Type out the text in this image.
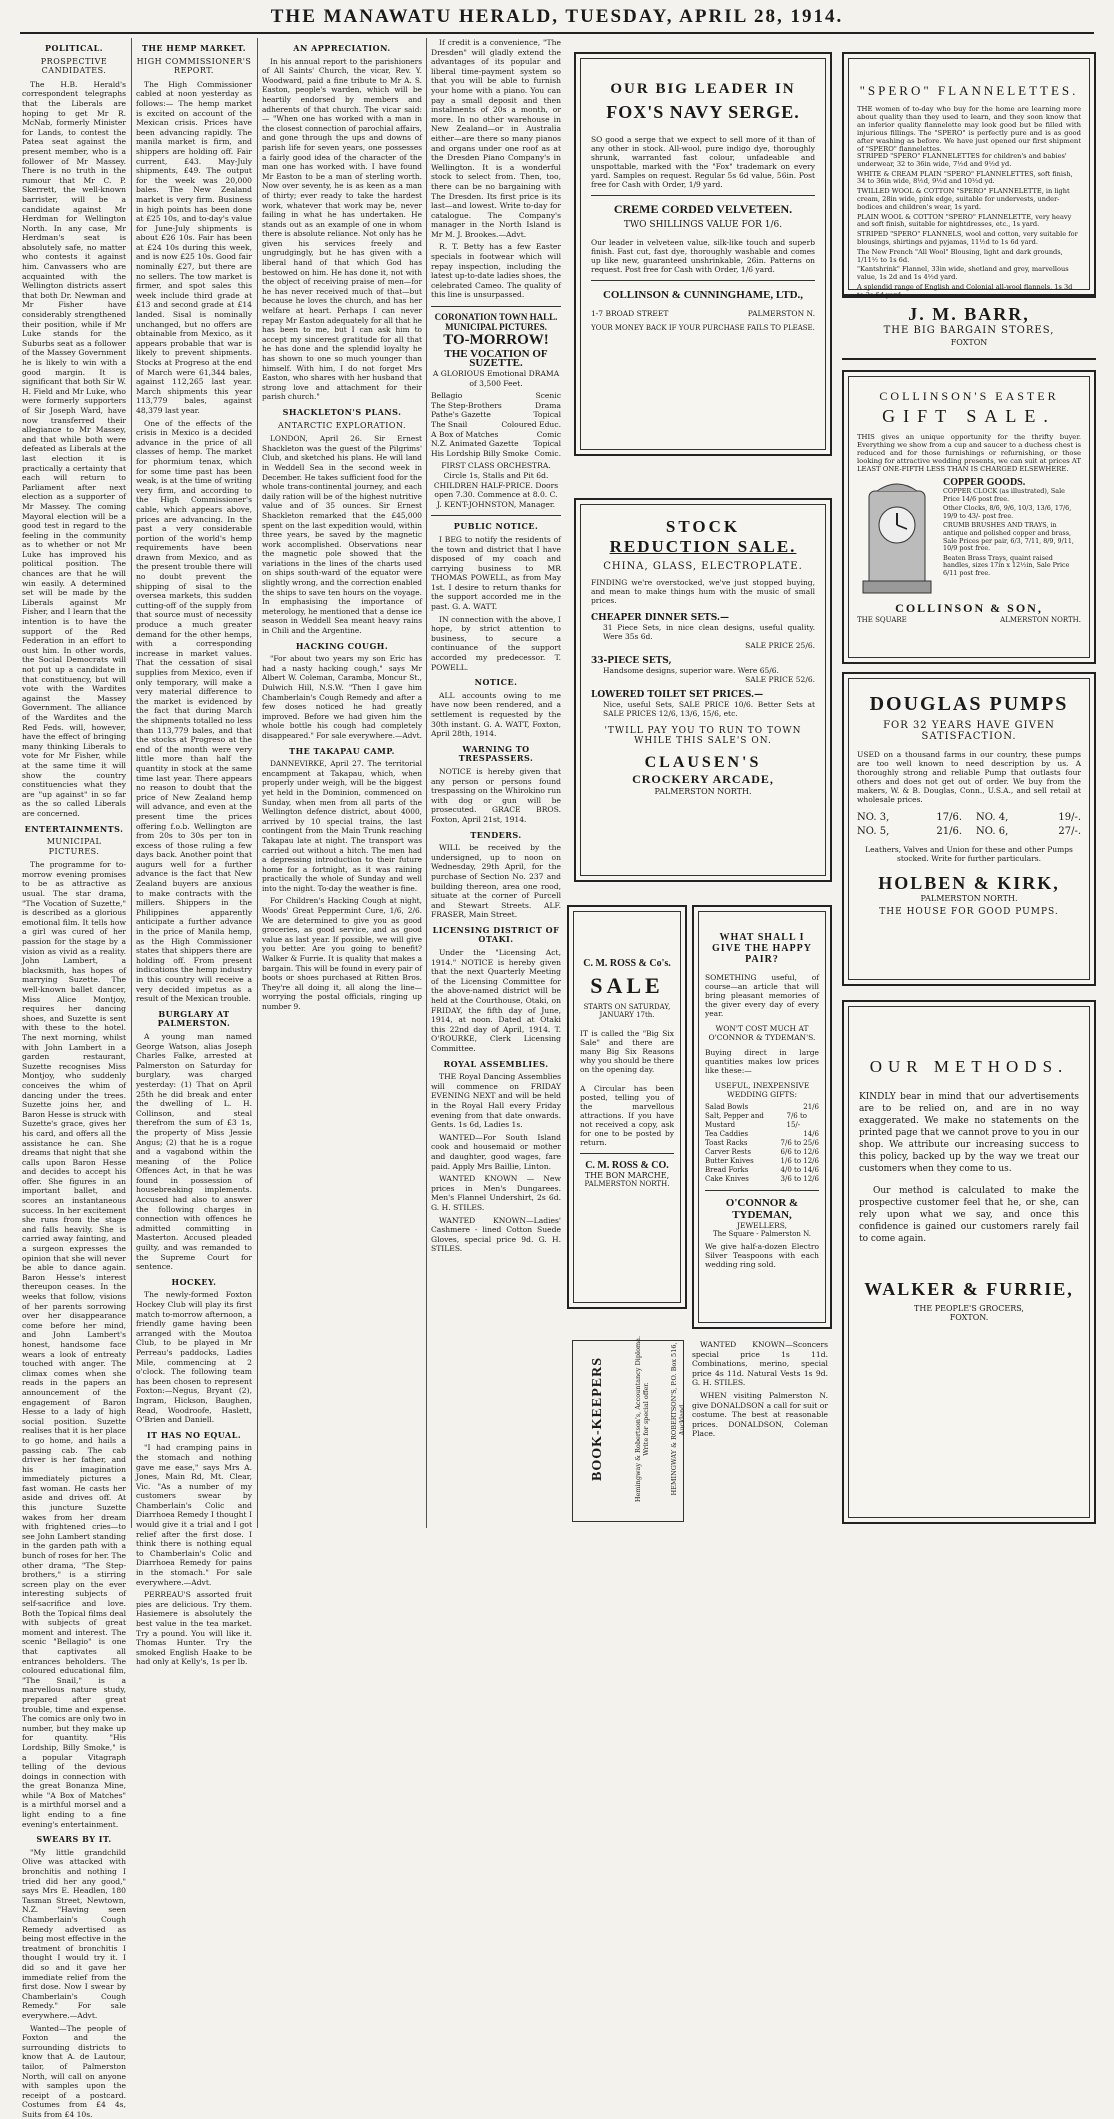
THE MANAWATU HERALD, TUESDAY, APRIL 28, 1914.
POLITICAL.
PROSPECTIVE CANDIDATES.

The H.B. Herald's correspondent telegraphs that the Liberals are hoping to get Mr R. McNab, formerly Minister for Lands, to contest the Patea seat against the present member, who is a follower of Mr Massey. There is no truth in the rumour that Mr C. P. Skerrett, the well-known barrister, will be a candidate against Mr Herdman for Wellington North. In any case, Mr Herdman's seat is absolutely safe, no matter who contests it against him. Canvassers who are acquainted with the Wellington districts assert that both Dr. Newman and Mr Fisher have considerably strengthened their position, while if Mr Luke stands for the Suburbs seat as a follower of the Massey Government he is likely to win with a good margin. It is significant that both Sir W. H. Field and Mr Luke, who were formerly supporters of Sir Joseph Ward, have now transferred their allegiance to Mr Massey, and that while both were defeated as Liberals at the last election it is practically a certainty that each will return to Parliament after next election as a supporter of Mr Massey. The coming Mayoral election will be a good test in regard to the feeling in the community as to whether or not Mr Luke has improved his political position. The chances are that he will win easily. A determined set will be made by the Liberals against Mr Fisher, and I learn that the intention is to have the support of the Red Federation in an effort to oust him. In other words, the Social Democrats will not put up a candidate in that constituency, but will vote with the Wardites against the Massey Government. The alliance of the Wardites and the Red Feds. will, however, have the effect of bringing many thinking Liberals to vote for Mr Fisher, while at the same time it will show the country constituencies what they are "up against" in so far as the so called Liberals are concerned.

ENTERTAINMENTS.
MUNICIPAL PICTURES.

The programme for to-morrow evening promises to be as attractive as usual. The star drama, "The Vocation of Suzette," is described as a glorious emotional film. It tells how a girl was cured of her passion for the stage by a vision as vivid as a reality. John Lambert, a blacksmith, has hopes of marrying Suzette. The well-known ballet dancer, Miss Alice Montjoy, requires her dancing shoes, and Suzette is sent with these to the hotel. The next morning, whilst with John Lambert in a garden restaurant, Suzette recognises Miss Montjoy, who suddenly conceives the whim of dancing under the trees. Suzette joins her, and Baron Hesse is struck with Suzette's grace, gives her his card, and offers all the assistance he can. She dreams that night that she calls upon Baron Hesse and decides to accept his offer. She figures in an important ballet, and scores an instantaneous success. In her excitement she runs from the stage and falls heavily. She is carried away fainting, and a surgeon expresses the opinion that she will never be able to dance again. Baron Hesse's interest thereupon ceases. In the weeks that follow, visions of her parents sorrowing over her disappearance come before her mind, and John Lambert's honest, handsome face wears a look of entreaty touched with anger. The climax comes when she reads in the papers an announcement of the engagement of Baron Hesse to a lady of high social position. Suzette realises that it is her place to go home, and hails a passing cab. The cab driver is her father, and his imagination immediately pictures a fast woman. He casts her aside and drives off. At this juncture Suzette wakes from her dream with frightened cries—to see John Lambert standing in the garden path with a bunch of roses for her. The other drama, "The Step-brothers," is a stirring screen play on the ever interesting subjects of self-sacrifice and love. Both the Topical films deal with subjects of great moment and interest. The scenic "Bellagio" is one that captivates all entrances beholders. The coloured educational film, "The Snail," is a marvellous nature study, prepared after great trouble, time and expense. The comics are only two in number, but they make up for quantity. "His Lordship, Billy Smoke," is a popular Vitagraph telling of the devious doings in connection with the great Bonanza Mine, while "A Box of Matches" is a mirthful morsel and a light ending to a fine evening's entertainment.

SWEARS BY IT.

"My little grandchild Olive was attacked with bronchitis and nothing I tried did her any good," says Mrs E. Headlen, 180 Tasman Street, Newtown, N.Z. "Having seen Chamberlain's Cough Remedy advertised as being most effective in the treatment of bronchitis I thought I would try it. I did so and it gave her immediate relief from the first dose. Now I swear by Chamberlain's Cough Remedy." For sale everywhere.—Advt.

Wanted—The people of Foxton and the surrounding districts to know that A. de Lautour, tailor, of Palmerston North, will call on anyone with samples upon the receipt of a postcard. Costumes from £4 4s, Suits from £4 10s.

THE HEMP MARKET.
HIGH COMMISSIONER'S REPORT.

The High Commissioner cabled at noon yesterday as follows:— The hemp market is excited on account of the Mexican crisis. Prices have been advancing rapidly. The manila market is firm, and shippers are holding off. Fair current, £43. May-July shipments, £49. The output for the week was 20,000 bales. The New Zealand market is very firm. Business in high points has been done at £25 10s, and to-day's value for June-July shipments is about £26 10s. Fair has been at £24 10s during this week, and is now £25 10s. Good fair nominally £27, but there are no sellers. The tow market is firmer, and spot sales this week include third grade at £13 and second grade at £14 landed. Sisal is nominally unchanged, but no offers are obtainable from Mexico, as it appears probable that war is likely to prevent shipments. Stocks at Progreso at the end of March were 61,344 bales, against 112,265 last year. March shipments this year 113,779 bales, against 48,379 last year.

One of the effects of the crisis in Mexico is a decided advance in the price of all classes of hemp. The market for phormium tenax, which for some time past has been weak, is at the time of writing very firm, and according to the High Commissioner's cable, which appears above, prices are advancing. In the past a very considerable portion of the world's hemp requirements have been drawn from Mexico, and as the present trouble there will no doubt prevent the shipping of sisal to the oversea markets, this sudden cutting-off of the supply from that source must of necessity produce a much greater demand for the other hemps, with a corresponding increase in market values. That the cessation of sisal supplies from Mexico, even if only temporary, will make a very material difference to the market is evidenced by the fact that during March the shipments totalled no less than 113,779 bales, and that the stocks at Progreso at the end of the month were very little more than half the quantity in stock at the same time last year. There appears no reason to doubt that the price of New Zealand hemp will advance, and even at the present time the prices offering f.o.b. Wellington are from 20s to 30s per ton in excess of those ruling a few days back. Another point that augurs well for a further advance is the fact that New Zealand buyers are anxious to make contracts with the millers. Shippers in the Philippines apparently anticipate a further advance in the price of Manila hemp, as the High Commissioner states that shippers there are holding off. From present indications the hemp industry in this country will receive a very decided impetus as a result of the Mexican trouble.

BURGLARY AT PALMERSTON.

A young man named George Watson, alias Joseph Charles Falke, arrested at Palmerston on Saturday for burglary, was charged yesterday: (1) That on April 25th he did break and enter the dwelling of L. H. Collinson, and steal therefrom the sum of £3 1s, the property of Miss Jessie Angus; (2) that he is a rogue and a vagabond within the meaning of the Police Offences Act, in that he was found in possession of housebreaking implements. Accused had also to answer the following charges in connection with offences he admitted committing in Masterton. Accused pleaded guilty, and was remanded to the Supreme Court for sentence.

HOCKEY.

The newly-formed Foxton Hockey Club will play its first match to-morrow afternoon, a friendly game having been arranged with the Moutoa Club, to be played in Mr Perreau's paddocks, Ladies Mile, commencing at 2 o'clock. The following team has been chosen to represent Foxton:—Negus, Bryant (2), Ingram, Hickson, Baughen, Read, Woodroofe, Haslett, O'Brien and Daniell.

IT HAS NO EQUAL.

"I had cramping pains in the stomach and nothing gave me ease," says Mrs A. Jones, Main Rd, Mt. Clear, Vic. "As a number of my customers swear by Chamberlain's Colic and Diarrhoea Remedy I thought I would give it a trial and I got relief after the first dose. I think there is nothing equal to Chamberlain's Colic and Diarrhoea Remedy for pains in the stomach." For sale everywhere.—Advt.

PERREAU'S assorted fruit pies are delicious. Try them. Hasiemere is absolutely the best value in the tea market. Try a pound. You will like it. Thomas Hunter. Try the smoked English Haake to be had only at Kelly's, 1s per lb.

AN APPRECIATION.

In his annual report to the parishioners of All Saints' Church, the vicar, Rev. Y. Woodward, paid a fine tribute to Mr A. S. Easton, people's warden, which will be heartily endorsed by members and adherents of that church. The vicar said:— "When one has worked with a man in the closest connection of parochial affairs, and gone through the ups and downs of parish life for seven years, one possesses a fairly good idea of the character of the man one has worked with. I have found Mr Easton to be a man of sterling worth. Now over seventy, he is as keen as a man of thirty; ever ready to take the hardest work, whatever that work may be, never failing in what he has undertaken. He stands out as an example of one in whom there is absolute reliance. Not only has he given his services freely and ungrudgingly, but he has given with a liberal hand of that which God has bestowed on him. He has done it, not with the object of receiving praise of men—for he has never received much of that—but because he loves the church, and has her welfare at heart. Perhaps I can never repay Mr Easton adequately for all that he has been to me, but I can ask him to accept my sincerest gratitude for all that he has done and the splendid loyalty he has shown to one so much younger than himself. With him, I do not forget Mrs Easton, who shares with her husband that strong love and attachment for their parish church."

SHACKLETON'S PLANS.
ANTARCTIC EXPLORATION.

LONDON, April 26. Sir Ernest Shackleton was the guest of the Pilgrims' Club, and sketched his plans. He will land in Weddell Sea in the second week in December. He takes sufficient food for the whole trans-continental journey, and each daily ration will be of the highest nutritive value and of 35 ounces. Sir Ernest Shackleton remarked that the £45,000 spent on the last expedition would, within three years, be saved by the magnetic work accomplished. Observations near the magnetic pole showed that the variations in the lines of the charts used on ships south-ward of the equator were slightly wrong, and the correction enabled the ships to save ten hours on the voyage. In emphasising the importance of meterology, he mentioned that a dense ice season in Weddell Sea meant heavy rains in Chili and the Argentine.

HACKING COUGH.

"For about two years my son Eric has had a nasty hacking cough," says Mr Albert W. Coleman, Caramba, Moncur St., Dulwich Hill, N.S.W. "Then I gave him Chamberlain's Cough Remedy and after a few doses noticed he had greatly improved. Before we had given him the whole bottle his cough had completely disappeared." For sale everywhere.—Advt.

THE TAKAPAU CAMP.

DANNEVIRKE, April 27. The territorial encampment at Takapau, which, when properly under weigh, will be the biggest yet held in the Dominion, commenced on Sunday, when men from all parts of the Wellington defence district, about 4000, arrived by 10 special trains, the last contingent from the Main Trunk reaching Takapau late at night. The transport was carried out without a hitch. The men had a depressing introduction to their future home for a fortnight, as it was raining practically the whole of Sunday and well into the night. To-day the weather is fine.

For Children's Hacking Cough at night, Woods' Great Peppermint Cure, 1/6, 2/6. We are determined to give you as good groceries, as good service, and as good value as last year. If possible, we will give you better. Are you going to benefit? Walker & Furrie. It is quality that makes a bargain. This will be found in every pair of boots or shoes purchased at Ritten Bros. They're all doing it, all along the line—worrying the postal officials, ringing up number 9.

If credit is a convenience, "The Dresden" will gladly extend the advantages of its popular and liberal time-payment system so that you will be able to furnish your home with a piano. You can pay a small deposit and then instalments of 20s a month, or more. In no other warehouse in New Zealand—or in Australia either—are there so many pianos and organs under one roof as at the Dresden Piano Company's in Wellington. It is a wonderful stock to select from. Then, too, there can be no bargaining with The Dresden. Its first price is its last—and lowest. Write to-day for catalogue. The Company's manager in the North Island is Mr M. J. Brookes.—Advt.

R. T. Betty has a few Easter specials in footwear which will repay inspection, including the latest up-to-date ladies shoes, the celebrated Cameo. The quality of this line is unsurpassed.

CORONATION TOWN HALL. MUNICIPAL PICTURES.
TO-MORROW!
THE VOCATION OF SUZETTE.
A GLORIOUS Emotional DRAMA of 3,500 Feet.
Bellagio	Scenic
The Step-Brothers	Drama
Pathe's Gazette	Topical
The Snail	Coloured Educ.
A Box of Matches	Comic
N.Z. Animated Gazette Topical
His Lordship Billy Smoke Comic.

FIRST CLASS ORCHESTRA. Circle 1s, Stalls and Pit 6d. CHILDREN HALF-PRICE. Doors open 7.30. Commence at 8.0. C. J. KENT-JOHNSTON, Manager.

PUBLIC NOTICE.

I BEG to notify the residents of the town and district that I have disposed of my coach and carrying business to MR THOMAS POWELL, as from May 1st. I desire to return thanks for the support accorded me in the past. G. A. WATT.

IN connection with the above, I hope, by strict attention to business, to secure a continuance of the support accorded my predecessor. T. POWELL.

NOTICE.

ALL accounts owing to me have now been rendered, and a settlement is requested by the 30th instant. G. A. WATT, Foxton, April 28th, 1914.

WARNING TO TRESPASSERS.

NOTICE is hereby given that any person or persons found trespassing on the Whirokino run with dog or gun will be prosecuted. GRACE BROS. Foxton, April 21st, 1914.

TENDERS.

WILL be received by the undersigned, up to noon on Wednesday, 29th April, for the purchase of Section No. 237 and building thereon, area one rood, situate at the corner of Purcell and Stewart Streets. ALF. FRASER, Main Street.

LICENSING DISTRICT OF OTAKI.

Under the "Licensing Act, 1914." NOTICE is hereby given that the next Quarterly Meeting of the Licensing Committee for the above-named district will be held at the Courthouse, Otaki, on FRIDAY, the fifth day of June, 1914, at noon. Dated at Otaki this 22nd day of April, 1914. T. O'ROURKE, Clerk Licensing Committee.

ROYAL ASSEMBLIES.

THE Royal Dancing Assemblies will commence on FRIDAY EVENING NEXT and will be held in the Royal Hall every Friday evening from that date onwards. Gents. 1s 6d, Ladies 1s.

WANTED—For South Island cook and housemaid or mother and daughter, good wages, fare paid. Apply Mrs Baillie, Linton.

WANTED KNOWN — New prices in Men's Dungarees. Men's Flannel Undershirt, 2s 6d. G. H. STILES.

WANTED KNOWN—Ladies' Cashmere - lined Cotton Suede Gloves, special price 9d. G. H. STILES.

OUR BIG LEADER IN
FOX'S NAVY SERGE.
SO good a serge that we expect to sell more of it than of any other in stock. All-wool, pure indigo dye, thoroughly shrunk, warranted fast colour, unfadeable and unspottable, marked with the "Fox" trademark on every yard. Samples on request. Regular 5s 6d value, 56in. Post free for Cash with Order, 1/9 yard.
CREME CORDED VELVETEEN.
TWO SHILLINGS VALUE FOR 1/6.
Our leader in velveteen value, silk-like touch and superb finish. Fast cut, fast dye, thoroughly washable and comes up like new, guaranteed unshrinkable, 26in. Patterns on request. Post free for Cash with Order, 1/6 yard.
COLLINSON & CUNNINGHAME, LTD.,
1-7 BROAD STREET	PALMERSTON N.
YOUR MONEY BACK IF YOUR PURCHASE FAILS TO PLEASE.
"SPERO" FLANNELETTES.
THE women of to-day who buy for the home are learning more about quality than they used to learn, and they soon know that an inferior quality flannelette may look good but be filled with injurious fillings. The "SPERO" is perfectly pure and is as good after washing as before. We have just opened our first shipment of "SPERO" flannelettes.
STRIPED "SPERO" FLANNELETTES for children's and babies' underwear, 32 to 36in wide, 7½d and 9½d yd.
WHITE & CREAM PLAIN "SPERO" FLANNELETTES, soft finish, 34 to 36in wide, 8½d, 9½d and 10½d yd.
TWILLED WOOL & COTTON "SPERO" FLANNELETTE, in light cream, 28in wide, pink edge, suitable for undervests, under-bodices and children's wear, 1s yard.
PLAIN WOOL & COTTON "SPERO" FLANNELETTE, very heavy and soft finish, suitable for nightdresses, etc., 1s yard.
STRIPED "SPERO" FLANNELS, wool and cotton, very suitable for blousings, shirtings and pyjamas, 11½d to 1s 6d yard.
The New French "All Wool" Blousing, light and dark grounds, 1/11½ to 1s 6d.
"Kantshrink" Flannel, 33in wide, shetland and grey, marvellous value, 1s 2d and 1s 4½d yard.
A splendid range of English and Colonial all-wool flannels, 1s 3d to 2s 6d yard.
J. M. BARR,
THE BIG BARGAIN STORES,
FOXTON
STOCK
REDUCTION SALE.
CHINA, GLASS, ELECTROPLATE.
FINDING we're overstocked, we've just stopped buying, and mean to make things hum with the music of small prices.
CHEAPER DINNER SETS.—
31 Piece Sets, in nice clean designs, useful quality. Were 35s 6d.
SALE PRICE 25/6.
33-PIECE SETS,
Handsome designs, superior ware. Were 65/6.
SALE PRICE 52/6.
LOWERED TOILET SET PRICES.—
Nice, useful Sets, SALE PRICE 10/6. Better Sets at SALE PRICES 12/6, 13/6, 15/6, etc.
'TWILL PAY YOU TO RUN TO TOWN WHILE THIS SALE'S ON.
CLAUSEN'S
CROCKERY ARCADE,
PALMERSTON NORTH.
COLLINSON'S EASTER
GIFT SALE.
THIS gives an unique opportunity for the thrifty buyer. Everything we show from a cup and saucer to a duchess chest is reduced and for those furnishings or refurnishing, or those looking for attractive wedding presents, we can suit at prices AT LEAST ONE-FIFTH LESS THAN IS CHARGED ELSEWHERE.
COPPER GOODS.
COPPER CLOCK (as illustrated), Sale Price 14/6 post free.
Other Clocks, 8/6, 9/6, 10/3, 13/6, 17/6, 19/9 to 43/- post free.
CRUMB BRUSHES AND TRAYS, in antique and polished copper and brass, Sale Prices per pair, 6/3, 7/11, 8/9, 9/11, 10/9 post free.
Beaten Brass Trays, quaint raised handles, sizes 17in x 12½in, Sale Price 6/11 post free.
COLLINSON & SON,
THE SQUARE	ALMERSTON NORTH.
C. M. ROSS & Co's.
SALE
STARTS ON SATURDAY, JANUARY 17th.
IT is called the "Big Six Sale" and there are many Big Six Reasons why you should be there on the opening day.
A Circular has been posted, telling you of the marvellous attractions. If you have not received a copy, ask for one to be posted by return.
C. M. ROSS & CO.
THE BON MARCHE,
PALMERSTON NORTH.
BOOK-KEEPERS	Hemingway & Robertson's, Accountancy Diploma. Write for special offer.	HEMINGWAY & ROBERTSON'S, P.O. Box 516, Auckland.
WHAT SHALL I GIVE THE HAPPY PAIR?
SOMETHING useful, of course—an article that will bring pleasant memories of the giver every day of every year.
WON'T COST MUCH AT O'CONNOR & TYDEMAN'S.
Buying direct in large quantities makes low prices like these:—
USEFUL, INEXPENSIVE WEDDING GIFTS:
Salad Bowls	21/6
Salt, Pepper and Mustard
7/6 to 15/-
Tea Caddies	14/6
Toast Racks	7/6 to 25/6
Carver Rests	6/6 to 12/6
Butter Knives	1/6 to 12/6
Bread Forks	4/0 to 14/6
Cake Knives	3/6 to 12/6
O'CONNOR & TYDEMAN,
JEWELLERS,
The Square - Palmerston N.
We give half-a-dozen Electro Silver Teaspoons with each wedding ring sold.

WANTED KNOWN—Sconcers special price 1s 11d. Combinations, merino, special price 4s 11d. Natural Vests 1s 9d. G. H. STILES.

WHEN visiting Palmerston N. give DONALDSON a call for suit or costume. The best at reasonable prices. DONALDSON, Coleman Place.

DOUGLAS PUMPS
FOR 32 YEARS HAVE GIVEN SATISFACTION.
USED on a thousand farms in our country, these pumps are too well known to need description by us. A thoroughly strong and reliable Pump that outlasts four others and does not get out of order. We buy from the makers, W. & B. Douglas, Conn., U.S.A., and sell retail at wholesale prices.
NO. 3,	17/6. NO. 4,	19/-.
NO. 5,	21/6. NO. 6,	27/-.
Leathers, Valves and Union for these and other Pumps stocked. Write for further particulars.
HOLBEN & KIRK,
PALMERSTON NORTH.
THE HOUSE FOR GOOD PUMPS.
OUR METHODS.
KINDLY bear in mind that our advertisements are to be relied on, and are in no way exaggerated. We make no statements on the printed page that we cannot prove to you in our shop. We attribute our increasing success to this policy, backed up by the way we treat our customers when they come to us.
Our method is calculated to make the prospective customer feel that he, or she, can rely upon what we say, and once this confidence is gained our customers rarely fail to come again.
WALKER & FURRIE,
THE PEOPLE'S GROCERS,
FOXTON.
